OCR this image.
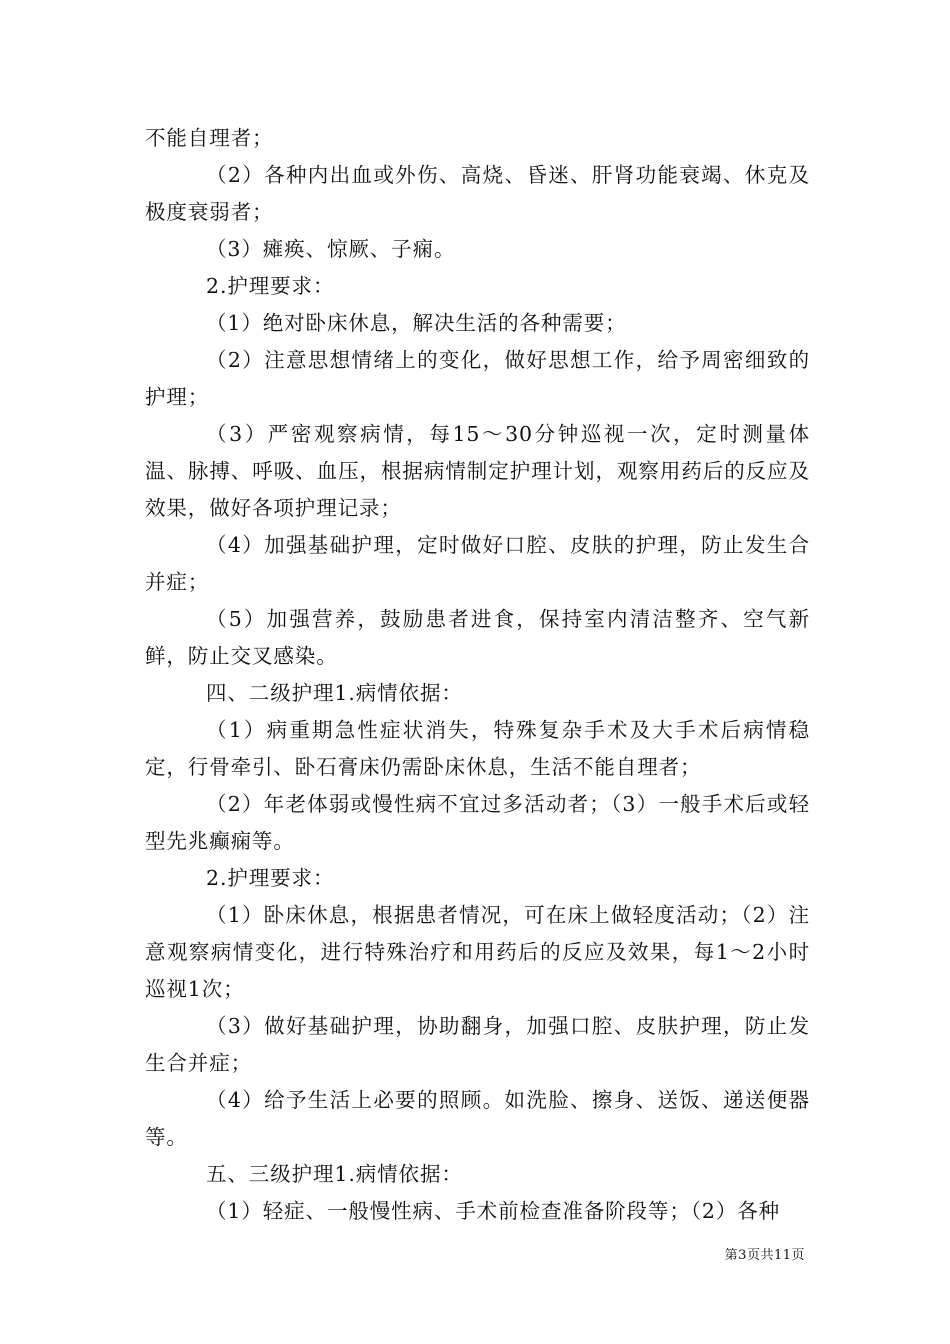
不能自理者；

（2）各种内出血或外伤、高烧、昏迷、肝肾功能衰竭、休克及极度衰弱者；

（3）瘫痪、惊厥、子痫。

2.护理要求：

（1）绝对卧床休息，解决生活的各种需要；

（2）注意思想情绪上的变化，做好思想工作，给予周密细致的护理；

（3）严密观察病情，每15～30分钟巡视一次，定时测量体温、脉搏、呼吸、血压，根据病情制定护理计划，观察用药后的反应及效果，做好各项护理记录；

（4）加强基础护理，定时做好口腔、皮肤的护理，防止发生合并症；

（5）加强营养，鼓励患者进食，保持室内清洁整齐、空气新鲜，防止交叉感染。

四、二级护理1.病情依据：

（1）病重期急性症状消失，特殊复杂手术及大手术后病情稳定，行骨牵引、卧石膏床仍需卧床休息，生活不能自理者；

（2）年老体弱或慢性病不宜过多活动者；（3）一般手术后或轻型先兆癫痫等。

2.护理要求：

（1）卧床休息，根据患者情况，可在床上做轻度活动；（2）注意观察病情变化，进行特殊治疗和用药后的反应及效果，每1～2小时巡视1次；

（3）做好基础护理，协助翻身，加强口腔、皮肤护理，防止发生合并症；

（4）给予生活上必要的照顾。如洗脸、擦身、送饭、递送便器等。

五、三级护理1.病情依据：

（1）轻症、一般慢性病、手术前检查准备阶段等；（2）各种

第3页共11页
